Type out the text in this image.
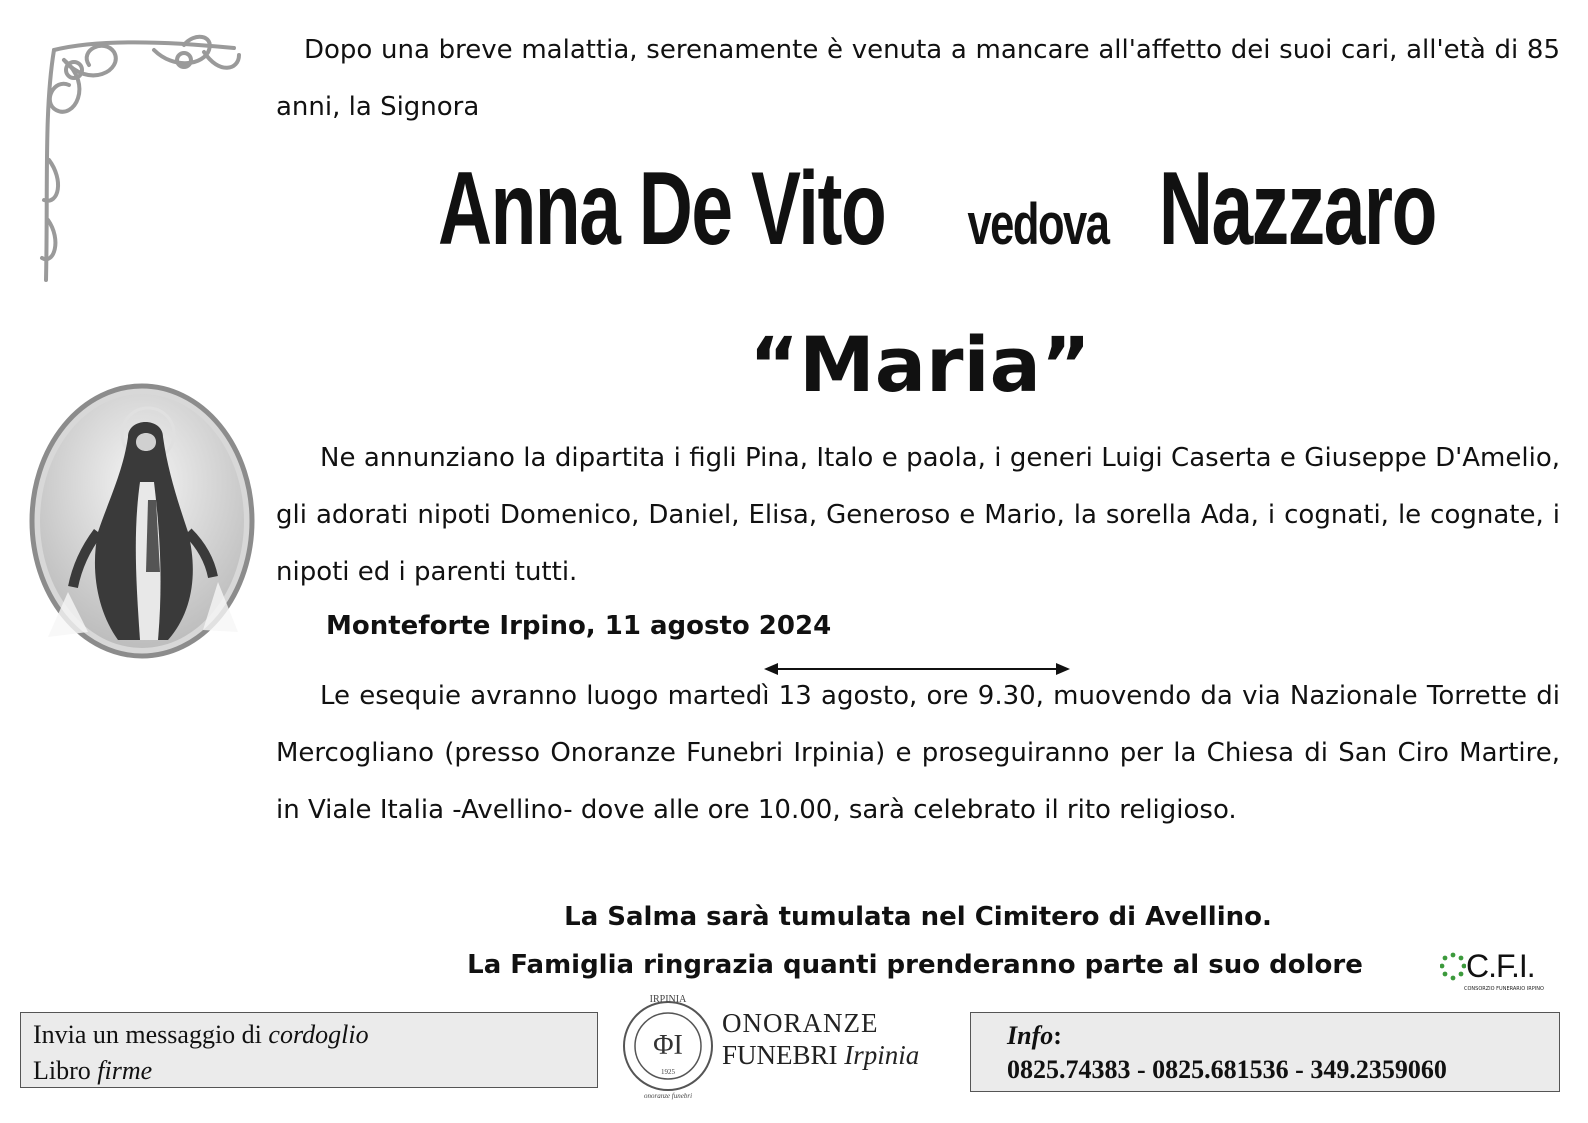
Dopo una breve malattia, serenamente è venuta a mancare all'affetto dei suoi cari, all'età di 85 anni, la Signora
Anna De Vito vedova Nazzaro
“Maria”
Ne annunziano la dipartita i figli Pina, Italo e paola, i generi Luigi Caserta e Giuseppe D'Amelio, gli adorati nipoti Domenico, Daniel, Elisa, Generoso e Mario, la sorella Ada, i cognati, le cognate, i nipoti ed i parenti tutti.
Monteforte Irpino, 11 agosto 2024
Le esequie avranno luogo martedì 13 agosto, ore 9.30, muovendo da via Nazionale Torrette di Mercogliano (presso Onoranze Funebri Irpinia) e proseguiranno per la Chiesa di San Ciro Martire, in Viale Italia -Avellino- dove alle ore 10.00, sarà celebrato il rito religioso.
La Salma sarà tumulata nel Cimitero di Avellino.
La Famiglia ringrazia quanti prenderanno parte al suo dolore	C.F.I.
CONSORZIO FUNERARIO IRPINO
Invia un messaggio di cordoglio
Libro firme
IRPINIA
ΦΙ
1925
onoranze funebri
ONORANZE
FUNEBRI Irpinia
Info:
0825.74383 - 0825.681536 - 349.2359060
